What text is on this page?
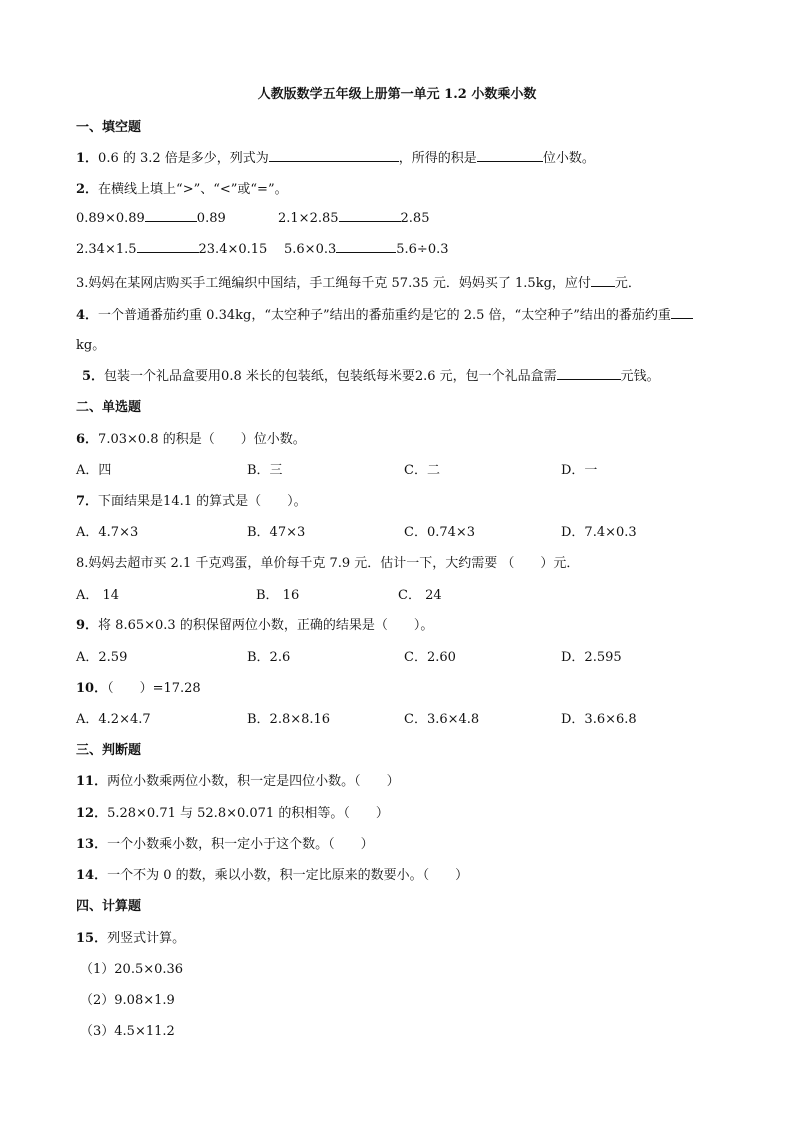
人教版数学五年级上册第一单元 1.2 小数乘小数
一、填空题
1．0.6 的 3.2 倍是多少，列式为	，所得的积是	位小数。
2．在横线上填上“>”、“<”或“=”。
0.89×0.89	0.89	2.1×2.85	2.85
2.34×1.5	23.4×0.15 5.6×0.3	5.6÷0.3
3.妈妈在某网店购买手工绳编织中国结，手工绳每千克 57.35 元．妈妈买了 1.5kg，应付 元．
4．一个普通番茄约重 0.34kg，“太空种子”结出的番茄重约是它的 2.5 倍，“太空种子”结出的番茄约重
kg。
5．包装一个礼品盒要用0.8 米长的包装纸，包装纸每米要2.6 元，包一个礼品盒需	元钱。
二、单选题
6．7.03×0.8 的积是（　　）位小数。
A．四	B．三	C．二	D．一
7．下面结果是14.1 的算式是（　　）。
A．4.7×3	B．47×3	C．0.74×3	D．7.4×0.3
8.妈妈去超市买 2.1 千克鸡蛋，单价每千克 7.9 元．估计一下，大约需要 （　　）元．
A． 14	B． 16	C． 24
9．将 8.65×0.3 的积保留两位小数，正确的结果是（　　）。
A．2.59	B．2.6	C．2.60	D．2.595
10．（　　）=17.28
A．4.2×4.7	B．2.8×8.16	C．3.6×4.8	D．3.6×6.8
三、判断题
11．两位小数乘两位小数，积一定是四位小数。（　　）
12．5.28×0.71 与 52.8×0.071 的积相等。（　　）
13．一个小数乘小数，积一定小于这个数。（　　）
14．一个不为 0 的数，乘以小数，积一定比原来的数要小。（　　）
四、计算题
15．列竖式计算。
（1）20.5×0.36
（2）9.08×1.9
（3）4.5×11.2
